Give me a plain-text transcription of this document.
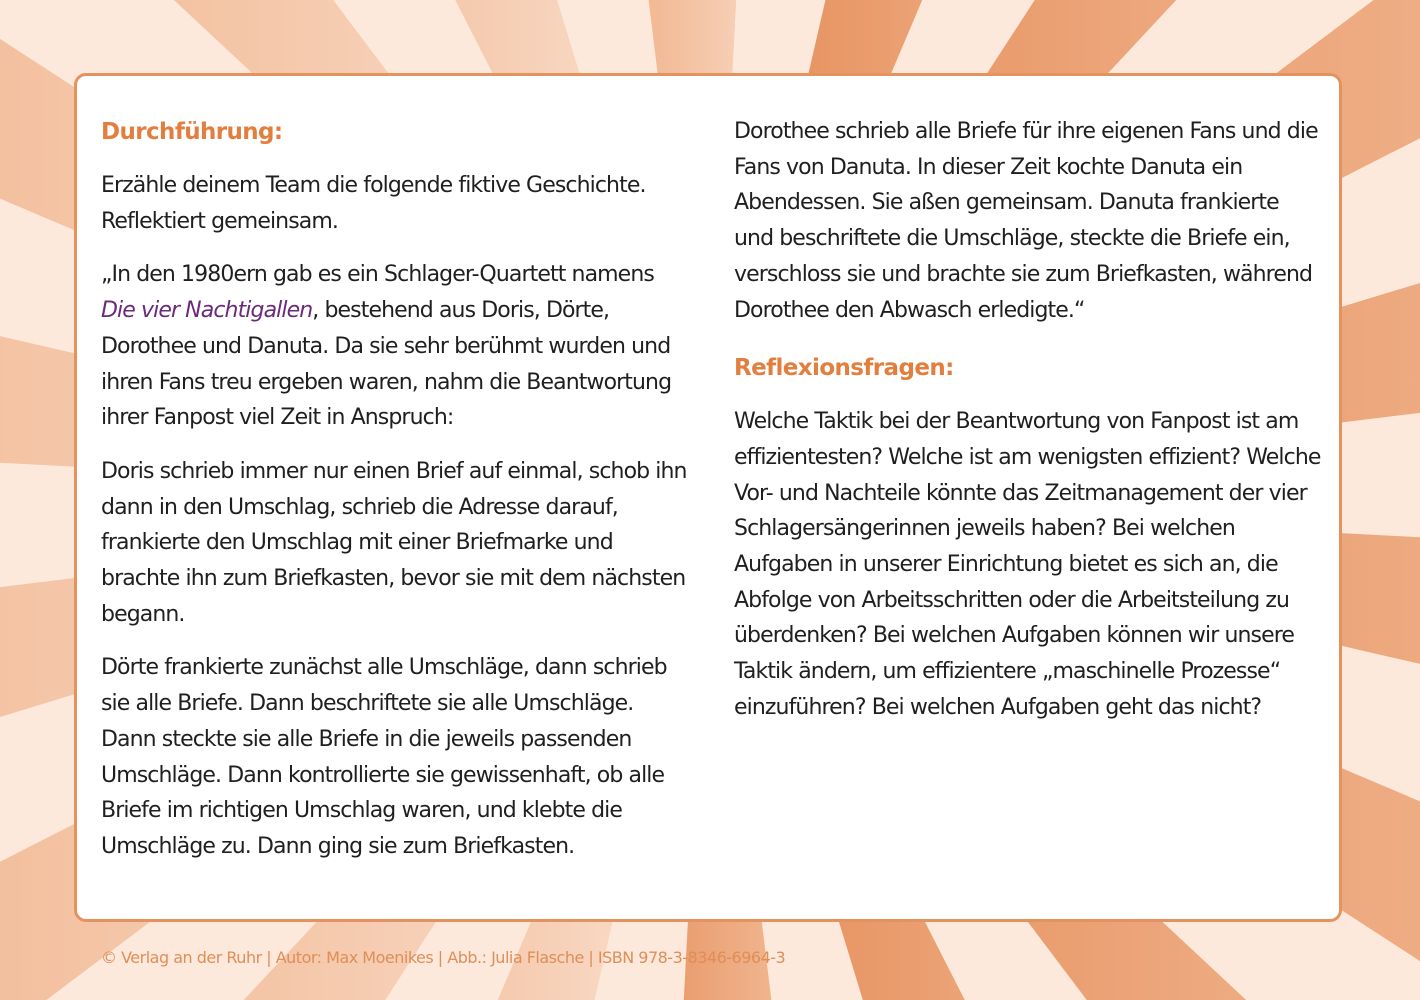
Durchführung:

Erzähle deinem Team die folgende fiktive Geschichte. Reflektiert gemeinsam.

„In den 1980ern gab es ein Schlager-Quartett namens Die vier Nachtigallen, bestehend aus Doris, Dörte, Dorothee und Danuta. Da sie sehr berühmt wurden und ihren Fans treu ergeben waren, nahm die Beantwortung ihrer Fanpost viel Zeit in Anspruch:

Doris schrieb immer nur einen Brief auf einmal, schob ihn dann in den Umschlag, schrieb die Adresse darauf, frankierte den Umschlag mit einer Briefmarke und brachte ihn zum Briefkasten, bevor sie mit dem nächsten begann.

Dörte frankierte zunächst alle Umschläge, dann schrieb sie alle Briefe. Dann beschriftete sie alle Umschläge. Dann steckte sie alle Briefe in die jeweils passenden Umschläge. Dann kontrollierte sie gewissenhaft, ob alle Briefe im richtigen Umschlag waren, und klebte die Umschläge zu. Dann ging sie zum Briefkasten.

Dorothee schrieb alle Briefe für ihre eigenen Fans und die Fans von Danuta. In dieser Zeit kochte Danuta ein Abendessen. Sie aßen gemeinsam. Danuta frankierte und beschriftete die Umschläge, steckte die Briefe ein, verschloss sie und brachte sie zum Briefkasten, während Dorothee den Abwasch erledigte.“

Reflexionsfragen:

Welche Taktik bei der Beantwortung von Fanpost ist am effizientesten? Welche ist am wenigsten effizient? Welche Vor- und Nachteile könnte das Zeitmanagement der vier Schlagersängerinnen jeweils haben? Bei welchen Aufgaben in unserer Einrichtung bietet es sich an, die Abfolge von Arbeitsschritten oder die Arbeitsteilung zu überdenken? Bei welchen Aufgaben können wir unsere Taktik ändern, um effizientere „maschinelle Prozesse“ einzuführen? Bei welchen Aufgaben geht das nicht?

© Verlag an der Ruhr | Autor: Max Moenikes | Abb.: Julia Flasche | ISBN 978-3-8346-6964-3
